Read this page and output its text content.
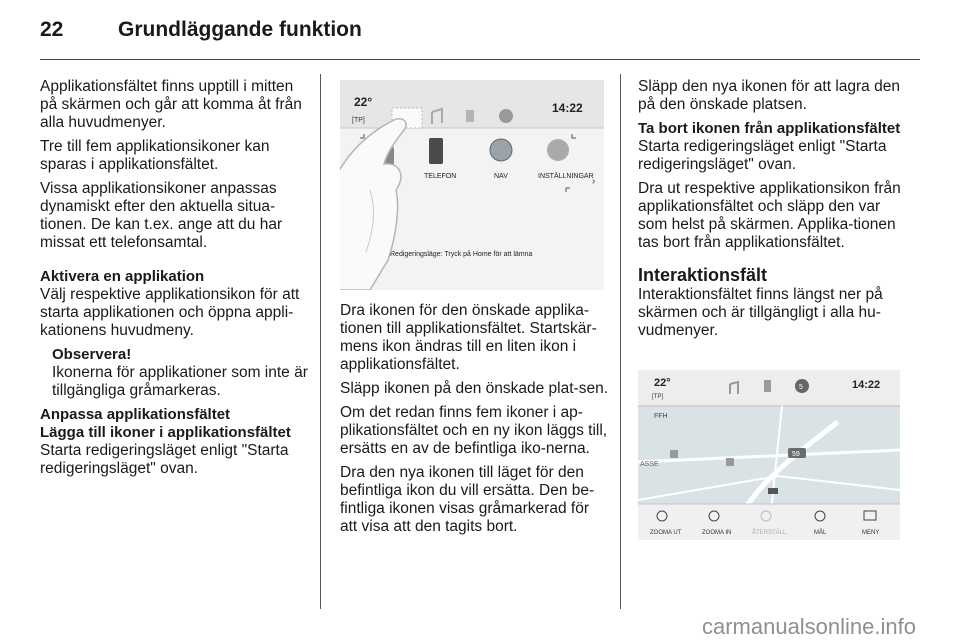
22	Grundläggande funktion

Applikationsfältet finns upptill i mitten på skärmen och går att komma åt från alla huvudmenyer.

Tre till fem applikationsikoner kan sparas i applikationsfältet.

Vissa applikationsikoner anpassas dynamiskt efter den aktuella situa-tionen. De kan t.ex. ange att du har missat ett telefonsamtal.

Aktivera en applikation

Välj respektive applikationsikon för att starta applikationen och öppna appli-kationens huvudmeny.

Observera!
Ikonerna för applikationer som inte är tillgängliga gråmarkeras.
Anpassa applikationsfältet
Lägga till ikoner i applikationsfältet

Starta redigeringsläget enligt "Starta redigeringsläget" ovan.

22°
[TP]
14:22
TELEFON	NAV	INSTÄLLNINGAR
›
Redigeringsläge: Tryck på Home för att lämna

Dra ikonen för den önskade applika-tionen till applikationsfältet. Startskär-mens ikon ändras till en liten ikon i applikationsfältet.

Släpp ikonen på den önskade plat-sen.

Om det redan finns fem ikoner i ap-plikationsfältet och en ny ikon läggs till, ersätts en av de befintliga iko-nerna.

Dra den nya ikonen till läget för den befintliga ikon du vill ersätta. Den be-fintliga ikonen visas gråmarkerad för att visa att den tagits bort.

Släpp den nya ikonen för att lagra den på den önskade platsen.

Ta bort ikonen från applikationsfältet

Starta redigeringsläget enligt "Starta redigeringsläget" ovan.

Dra ut respektive applikationsikon från applikationsfältet och släpp den var som helst på skärmen. Applika-tionen tas bort från applikationsfältet.

Interaktionsfält

Interaktionsfältet finns längst ner på skärmen och är tillgängligt i alla hu-vudmenyer.

22°
[TP]
14:22
5
FFH
ASSE
59
ZOOMA UT	ZOOMA IN	ÅTERSTÄLL	MÅL	MENY
carmanualsonline.info
